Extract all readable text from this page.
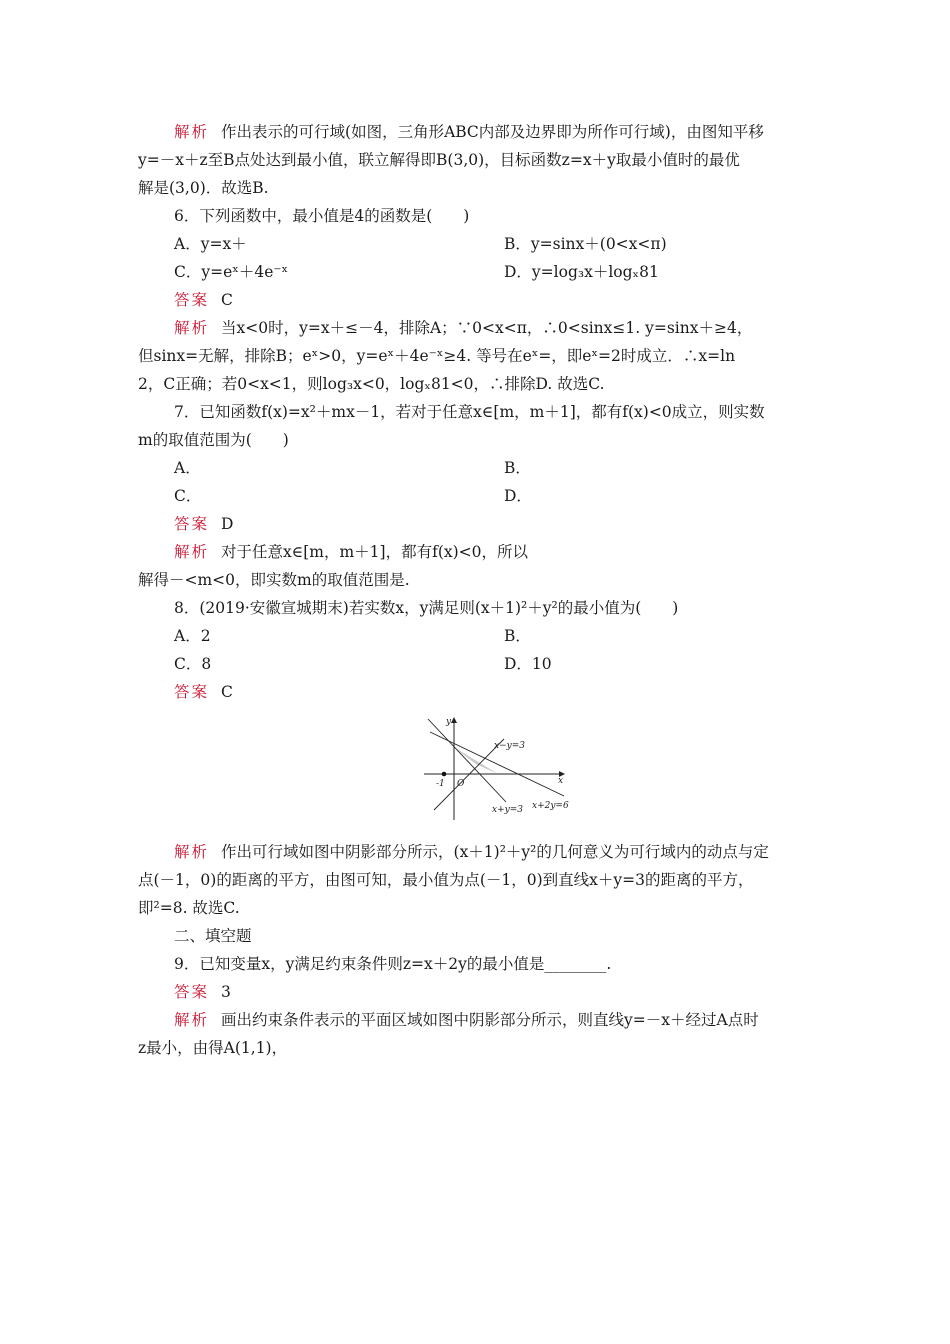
解析 作出表示的可行域(如图，三角形ABC内部及边界即为所作可行域)，由图知平移
y=－x＋z至B点处达到最小值，联立解得即B(3,0)，目标函数z=x＋y取最小值时的最优
解是(3,0)．故选B.
6．下列函数中，最小值是4的函数是(　　)
A．y=x＋	B．y=sinx＋(0<x<π)
C．y=eˣ＋4e⁻ˣ	D．y=log₃x＋logₓ81
答案 C
解析 当x<0时，y=x＋≤－4，排除A；∵0<x<π，∴0<sinx≤1. y=sinx＋≥4，
但sinx=无解，排除B；eˣ>0，y=eˣ＋4e⁻ˣ≥4. 等号在eˣ=，即eˣ=2时成立．∴x=ln
2，C正确；若0<x<1，则log₃x<0，logₓ81<0，∴排除D. 故选C.
7．已知函数f(x)=x²＋mx－1，若对于任意x∈[m，m＋1]，都有f(x)<0成立，则实数
m的取值范围为(　　)
A．	B．
C．	D．
答案 D
解析 对于任意x∈[m，m＋1]，都有f(x)<0，所以
解得－<m<0，即实数m的取值范围是.
8．(2019·安徽宣城期末)若实数x，y满足则(x＋1)²＋y²的最小值为(　　)
A．2	B．
C．8	D．10
答案 C
x
y
O
-1
x−y=3
x+y=3 x+2y=6
解析 作出可行域如图中阴影部分所示，(x＋1)²＋y²的几何意义为可行域内的动点与定
点(－1，0)的距离的平方，由图可知，最小值为点(－1，0)到直线x＋y=3的距离的平方，
即²=8. 故选C.
二、填空题
9．已知变量x，y满足约束条件则z=x＋2y的最小值是________.
答案 3
解析 画出约束条件表示的平面区域如图中阴影部分所示，则直线y=－x＋经过A点时
z最小，由得A(1,1)，
